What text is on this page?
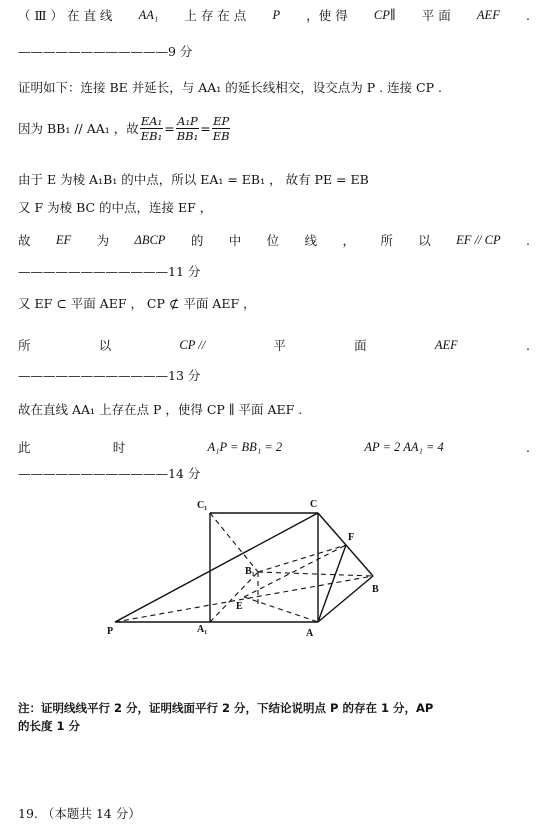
（ Ⅲ ） 在 直 线 AA₁ 上 存 在 点 P ，使 得 CP∥ 平 面 AEF .
————————————9 分
证明如下：连接 BE 并延长，与 AA₁ 的延长线相交，设交点为 P . 连接 CP .
因为 BB₁ // AA₁ ，故 $\frac{\text{EA₁}}{\text{EB₁}} = \frac{\text{A₁P}}{\text{BB₁}} = \frac{EP}{EB}$
由于 E 为棱 A₁B₁ 的中点，所以 EA₁ = EB₁ ， 故有 PE = EB
又 F 为棱 BC 的中点，连接 EF ，
故 EF 为 ΔBCP 的 中 位 线 ， 所 以 EF // CP .
————————————11 分
又 EF ⊂ 平面 AEF ， CP ⊄ 平面 AEF ，
所	以	CP //	平	面	AEF	.
————————————13 分
故在直线 AA₁ 上存在点 P ，使得 CP ∥ 平面 AEF .
此	时	A₁P = BB₁ = 2	AP = 2 AA₁ = 4	.
————————————14 分
C₁	C
F
B₁
B
E
P	A₁	A
注：证明线线平行 2 分，证明线面平行 2 分，下结论说明点 P 的存在 1 分，AP
的长度 1 分
19. （本题共 14 分）
